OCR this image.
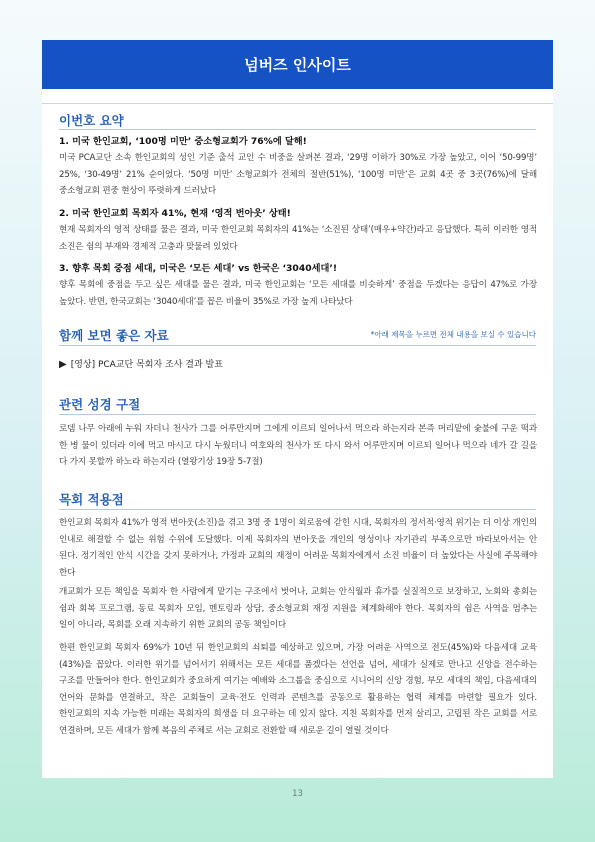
넘버즈 인사이트
이번호 요약
1. 미국 한인교회, ‘100명 미만’ 중소형교회가 76%에 달해!
미국 PCA교단 소속 한인교회의 성인 기준 출석 교인 수 비중을 살펴본 결과, ‘29명 이하가 30%로 가장 높았고, 이어 ‘50-99명’ 25%, ‘30-49명’ 21% 순이었다. ‘50명 미만’ 소형교회가 전체의 절반(51%), ‘100명 미만’은 교회 4곳 중 3곳(76%)에 달해 중소형교회 편중 현상이 뚜렷하게 드러났다
2. 미국 한인교회 목회자 41%, 현재 ‘영적 번아웃’ 상태!
현재 목회자의 영적 상태를 물은 결과, 미국 한인교회 목회자의 41%는 ‘소진된 상태’(매우+약간)라고 응답했다. 특히 이러한 영적 소진은 쉼의 부재와 경제적 고충과 맞물려 있었다
3. 향후 목회 중점 세대, 미국은 ‘모든 세대’ vs 한국은 ‘3040세대’!
향후 목회에 중점을 두고 싶은 세대를 물은 결과, 미국 한인교회는 ‘모든 세대를 비슷하게’ 중점을 두겠다는 응답이 47%로 가장 높았다. 반면, 한국교회는 ‘3040세대’를 꼽은 비율이 35%로 가장 높게 나타났다
함께 보면 좋은 자료	*아래 제목을 누르면 전체 내용을 보실 수 있습니다
▶ [영상] PCA교단 목회자 조사 결과 발표
관련 성경 구절
로뎀 나무 아래에 누워 자더니 천사가 그를 어루만지며 그에게 이르되 일어나서 먹으라 하는지라 본즉 머리맡에 숯불에 구운 떡과 한 병 물이 있더라 이에 먹고 마시고 다시 누웠더니 여호와의 천사가 또 다시 와서 어루만지며 이르되 일어나 먹으라 네가 갈 길을 다 가지 못할까 하노라 하는지라 (열왕기상 19장 5-7절)
목회 적용점
한인교회 목회자 41%가 영적 번아웃(소진)을 겪고 3명 중 1명이 외로움에 갇힌 시대, 목회자의 정서적·영적 위기는 더 이상 개인의 인내로 해결할 수 없는 위험 수위에 도달했다. 이제 목회자의 번아웃을 개인의 영성이나 자기관리 부족으로만 바라보아서는 안 된다. 정기적인 안식 시간을 갖지 못하거나, 가정과 교회의 재정이 어려운 목회자에게서 소진 비율이 더 높았다는 사실에 주목해야 한다
개교회가 모든 책임을 목회자 한 사람에게 맡기는 구조에서 벗어나, 교회는 안식월과 휴가를 실질적으로 보장하고, 노회와 총회는 쉼과 회복 프로그램, 동료 목회자 모임, 멘토링과 상담, 중소형교회 재정 지원을 체계화해야 한다. 목회자의 쉼은 사역을 멈추는 일이 아니라, 목회를 오래 지속하기 위한 교회의 공동 책임이다
한편 한인교회 목회자 69%가 10년 뒤 한인교회의 쇠퇴를 예상하고 있으며, 가장 어려운 사역으로 전도(45%)와 다음세대 교육(43%)을 꼽았다. 이러한 위기를 넘어서기 위해서는 모든 세대를 품겠다는 선언을 넘어, 세대가 실제로 만나고 신앙을 전수하는 구조를 만들어야 한다. 한인교회가 중요하게 여기는 예배와 소그룹을 중심으로 시니어의 신앙 경험, 부모 세대의 책임, 다음세대의 언어와 문화를 연결하고, 작은 교회들이 교육·전도 인력과 콘텐츠를 공동으로 활용하는 협력 체계를 마련할 필요가 있다. 한인교회의 지속 가능한 미래는 목회자의 희생을 더 요구하는 데 있지 않다. 지친 목회자를 먼저 살리고, 고립된 작은 교회를 서로 연결하며, 모든 세대가 함께 복음의 주체로 서는 교회로 전환할 때 새로운 길이 열릴 것이다
13
